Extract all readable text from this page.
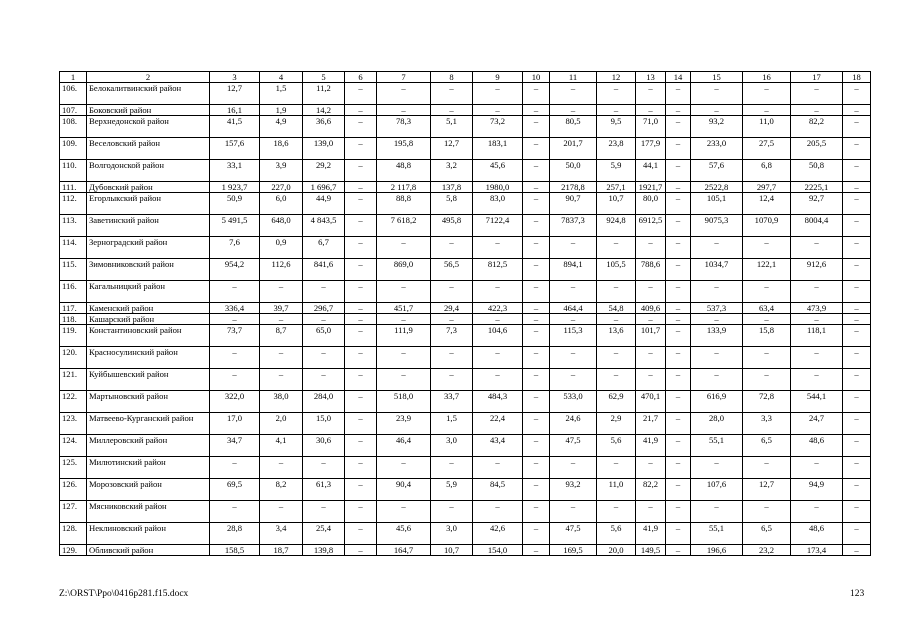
1	2	3	4	5	6	7	8	9	10	11	12	13	14	15	16	17	18
106.	Белокалитвинский район	12,7	1,5	11,2	–	–	–	–	–	–	–	–	–	–	–	–	–
107.	Боковский район	16,1	1,9	14,2	–	–	–	–	–	–	–	–	–	–	–	–	–
108.	Верхнедонской район	41,5	4,9	36,6	–	78,3	5,1	73,2	–	80,5	9,5	71,0	–	93,2	11,0	82,2	–
109.	Веселовский район	157,6	18,6	139,0	–	195,8	12,7	183,1	–	201,7	23,8	177,9	–	233,0	27,5	205,5	–
110.	Волгодонской район	33,1	3,9	29,2	–	48,8	3,2	45,6	–	50,0	5,9	44,1	–	57,6	6,8	50,8	–
111.	Дубовский район	1 923,7	227,0	1 696,7	–	2 117,8	137,8	1980,0	–	2178,8	257,1	1921,7	–	2522,8	297,7	2225,1	–
112.	Егорлыкский район	50,9	6,0	44,9	–	88,8	5,8	83,0	–	90,7	10,7	80,0	–	105,1	12,4	92,7	–
113.	Заветинский район	5 491,5	648,0	4 843,5	–	7 618,2	495,8	7122,4	–	7837,3	924,8	6912,5	–	9075,3	1070,9	8004,4	–
114.	Зерноградский район	7,6	0,9	6,7	–	–	–	–	–	–	–	–	–	–	–	–	–
115.	Зимовниковский район	954,2	112,6	841,6	–	869,0	56,5	812,5	–	894,1	105,5	788,6	–	1034,7	122,1	912,6	–
116.	Кагальницкий район	–	–	–	–	–	–	–	–	–	–	–	–	–	–	–	–
117.	Каменский район	336,4	39,7	296,7	–	451,7	29,4	422,3	–	464,4	54,8	409,6	–	537,3	63,4	473,9	–
118.	Кашарский район	–	–	–	–	–	–	–	–	–	–	–	–	–	–	–	–
119.	Константиновский район	73,7	8,7	65,0	–	111,9	7,3	104,6	–	115,3	13,6	101,7	–	133,9	15,8	118,1	–
120.	Красносулинский район	–	–	–	–	–	–	–	–	–	–	–	–	–	–	–	–
121.	Куйбышевский район	–	–	–	–	–	–	–	–	–	–	–	–	–	–	–	–
122.	Мартыновский район	322,0	38,0	284,0	–	518,0	33,7	484,3	–	533,0	62,9	470,1	–	616,9	72,8	544,1	–
123.	Матвеево-Курганский район	17,0	2,0	15,0	–	23,9	1,5	22,4	–	24,6	2,9	21,7	–	28,0	3,3	24,7	–
124.	Миллеровский район	34,7	4,1	30,6	–	46,4	3,0	43,4	–	47,5	5,6	41,9	–	55,1	6,5	48,6	–
125.	Милютинский район	–	–	–	–	–	–	–	–	–	–	–	–	–	–	–	–
126.	Морозовский район	69,5	8,2	61,3	–	90,4	5,9	84,5	–	93,2	11,0	82,2	–	107,6	12,7	94,9	–
127.	Мясниковский район	–	–	–	–	–	–	–	–	–	–	–	–	–	–	–	–
128.	Неклиновский район	28,8	3,4	25,4	–	45,6	3,0	42,6	–	47,5	5,6	41,9	–	55,1	6,5	48,6	–
129.	Обливский район	158,5	18,7	139,8	–	164,7	10,7	154,0	–	169,5	20,0	149,5	–	196,6	23,2	173,4	–
Z:\ORST\Ppo\0416p281.f15.docx	123
